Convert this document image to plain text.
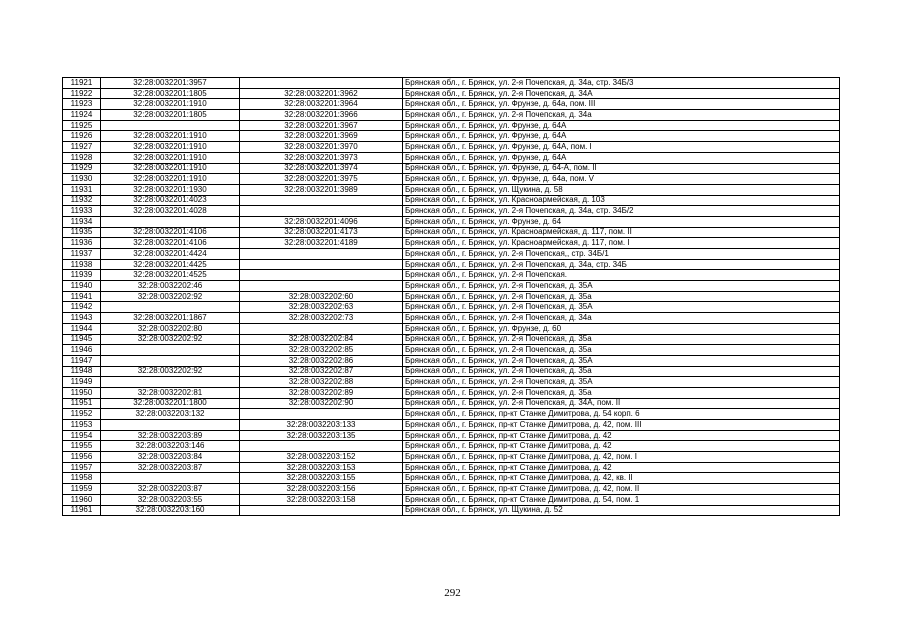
11921	32:28:0032201:3957		Брянская обл., г. Брянск, ул. 2-я Почепская, д. 34а, стр. 34Б/3
11922	32:28:0032201:1805	32:28:0032201:3962	Брянская обл., г. Брянск, ул. 2-я Почепская, д. 34А
11923	32:28:0032201:1910	32:28:0032201:3964	Брянская обл., г. Брянск, ул. Фрунзе, д. 64а, пом. III
11924	32:28:0032201:1805	32:28:0032201:3966	Брянская обл., г. Брянск, ул. 2-я Почепская, д. 34а
11925		32:28:0032201:3967	Брянская обл., г. Брянск, ул. Фрунзе, д. 64А
11926	32:28:0032201:1910	32:28:0032201:3969	Брянская обл., г. Брянск, ул. Фрунзе, д. 64А
11927	32:28:0032201:1910	32:28:0032201:3970	Брянская обл., г. Брянск, ул. Фрунзе, д. 64А, пом. I
11928	32:28:0032201:1910	32:28:0032201:3973	Брянская обл., г. Брянск, ул. Фрунзе, д. 64А
11929	32:28:0032201:1910	32:28:0032201:3974	Брянская обл., г. Брянск, ул. Фрунзе, д. 64-А, пом. II
11930	32:28:0032201:1910	32:28:0032201:3975	Брянская обл., г. Брянск, ул. Фрунзе, д. 64а, пом. V
11931	32:28:0032201:1930	32:28:0032201:3989	Брянская обл., г. Брянск, ул. Щукина, д. 58
11932	32:28:0032201:4023		Брянская обл., г. Брянск, ул. Красноармейская, д. 103
11933	32:28:0032201:4028		Брянская обл., г. Брянск, ул. 2-я Почепская, д. 34а, стр. 34Б/2
11934		32:28:0032201:4096	Брянская обл., г. Брянск, ул. Фрунзе, д. 64
11935	32:28:0032201:4106	32:28:0032201:4173	Брянская обл., г. Брянск, ул. Красноармейская, д. 117, пом. II
11936	32:28:0032201:4106	32:28:0032201:4189	Брянская обл., г. Брянск, ул. Красноармейская, д. 117, пом. I
11937	32:28:0032201:4424		Брянская обл., г. Брянск, ул. 2-я Почепская,, стр. 34Б/1
11938	32:28:0032201:4425		Брянская обл., г. Брянск, ул. 2-я Почепская, д. 34а, стр. 34Б
11939	32:28:0032201:4525		Брянская обл., г. Брянск, ул. 2-я Почепская.
11940	32:28:0032202:46		Брянская обл., г. Брянск, ул. 2-я Почепская, д. 35А
11941	32:28:0032202:92	32:28:0032202:60	Брянская обл., г. Брянск, ул. 2-я Почепская, д. 35а
11942		32:28:0032202:63	Брянская обл., г. Брянск, ул. 2-я Почепская, д. 35А
11943	32:28:0032201:1867	32:28:0032202:73	Брянская обл., г. Брянск, ул. 2-я Почепская, д. 34а
11944	32:28:0032202:80		Брянская обл., г. Брянск, ул. Фрунзе, д. 60
11945	32:28:0032202:92	32:28:0032202:84	Брянская обл., г. Брянск, ул. 2-я Почепская, д. 35а
11946		32:28:0032202:85	Брянская обл., г. Брянск, ул. 2-я Почепская, д. 35а
11947		32:28:0032202:86	Брянская обл., г. Брянск, ул. 2-я Почепская, д. 35А
11948	32:28:0032202:92	32:28:0032202:87	Брянская обл., г. Брянск, ул. 2-я Почепская, д. 35а
11949		32:28:0032202:88	Брянская обл., г. Брянск, ул. 2-я Почепская, д. 35А
11950	32:28:0032202:81	32:28:0032202:89	Брянская обл., г. Брянск, ул. 2-я Почепская, д. 35а
11951	32:28:0032201:1800	32:28:0032202:90	Брянская обл., г. Брянск, ул. 2-я Почепская, д. 34А, пом. II
11952	32:28:0032203:132		Брянская обл., г. Брянск, пр-кт Станке Димитрова, д. 54 корп. 6
11953		32:28:0032203:133	Брянская обл., г. Брянск, пр-кт Станке Димитрова, д. 42, пом. III
11954	32:28:0032203:89	32:28:0032203:135	Брянская обл., г. Брянск, пр-кт Станке Димитрова, д. 42
11955	32:28:0032203:146		Брянская обл., г. Брянск, пр-кт Станке Димитрова, д. 42
11956	32:28:0032203:84	32:28:0032203:152	Брянская обл., г. Брянск, пр-кт Станке Димитрова, д. 42, пом. I
11957	32:28:0032203:87	32:28:0032203:153	Брянская обл., г. Брянск, пр-кт Станке Димитрова, д. 42
11958		32:28:0032203:155	Брянская обл., г. Брянск, пр-кт Станке Димитрова, д. 42, кв. II
11959	32:28:0032203:87	32:28:0032203:156	Брянская обл., г. Брянск, пр-кт Станке Димитрова, д. 42, пом. II
11960	32:28:0032203:55	32:28:0032203:158	Брянская обл., г. Брянск, пр-кт Станке Димитрова, д. 54, пом. 1
11961	32:28:0032203:160		Брянская обл., г. Брянск, ул. Щукина, д. 52
292
